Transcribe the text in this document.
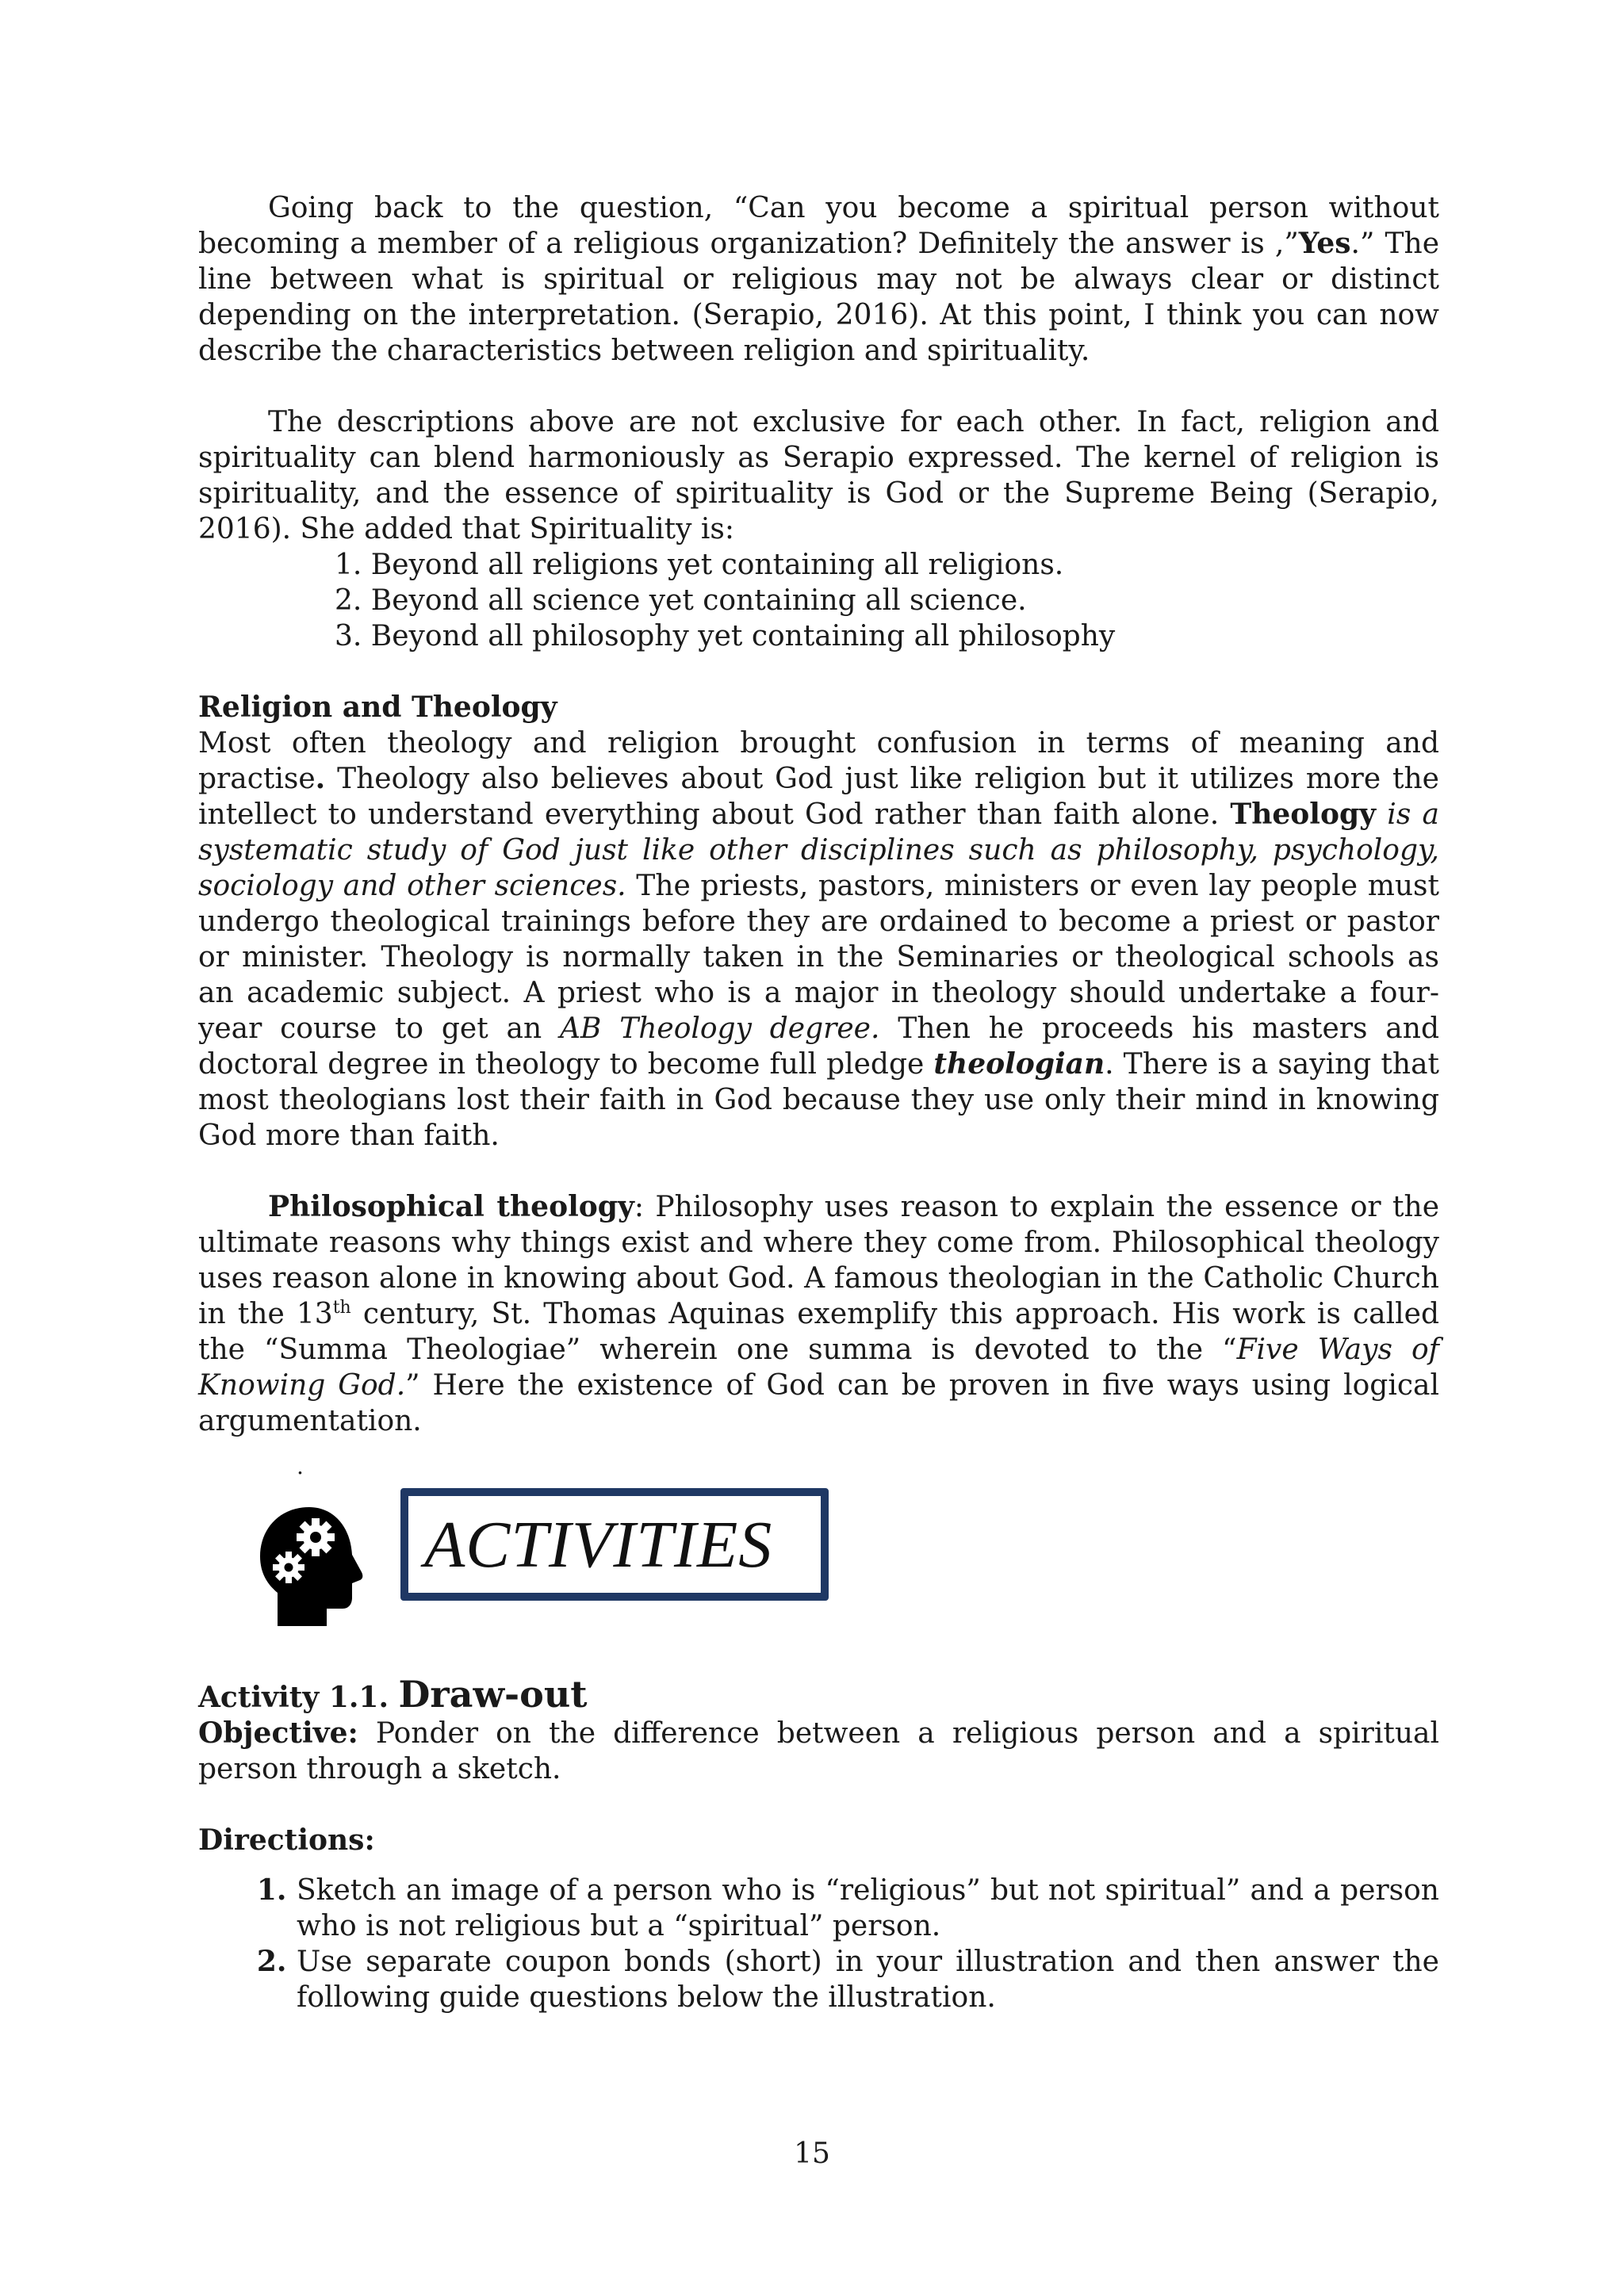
Going back to the question, “Can you become a spiritual person without becoming a member of a religious organization? Definitely the answer is ,”Yes.” The line between what is spiritual or religious may not be always clear or distinct depending on the interpretation. (Serapio, 2016). At this point, I think you can now describe the characteristics between religion and spirituality.

The descriptions above are not exclusive for each other. In fact, religion and spirituality can blend harmoniously as Serapio expressed. The kernel of religion is spirituality, and the essence of spirituality is God or the Supreme Being (Serapio, 2016). She added that Spirituality is:

1. Beyond all religions yet containing all religions.
2. Beyond all science yet containing all science.
3. Beyond all philosophy yet containing all philosophy

Religion and Theology

Most often theology and religion brought confusion in terms of meaning and practise. Theology also believes about God just like religion but it utilizes more the intellect to understand everything about God rather than faith alone. Theology is a systematic study of God just like other disciplines such as philosophy, psychology, sociology and other sciences. The priests, pastors, ministers or even lay people must undergo theological trainings before they are ordained to become a priest or pastor or minister. Theology is normally taken in the Seminaries or theological schools as an academic subject. A priest who is a major in theology should undertake a four-year course to get an AB Theology degree. Then he proceeds his masters and doctoral degree in theology to become full pledge theologian. There is a saying that most theologians lost their faith in God because they use only their mind in knowing God more than faith.

Philosophical theology: Philosophy uses reason to explain the essence or the ultimate reasons why things exist and where they come from. Philosophical theology uses reason alone in knowing about God. A famous theologian in the Catholic Church in the 13th century, St. Thomas Aquinas exemplify this approach. His work is called the “Summa Theologiae” wherein one summa is devoted to the “Five Ways of Knowing God.” Here the existence of God can be proven in five ways using logical argumentation.

.
ACTIVITIES

Activity 1.1. Draw-out

Objective: Ponder on the difference between a religious person and a spiritual person through a sketch.

Directions:

1. Sketch an image of a person who is “religious” but not spiritual” and a person who is not religious but a “spiritual” person.
2. Use separate coupon bonds (short) in your illustration and then answer the following guide questions below the illustration.
15
